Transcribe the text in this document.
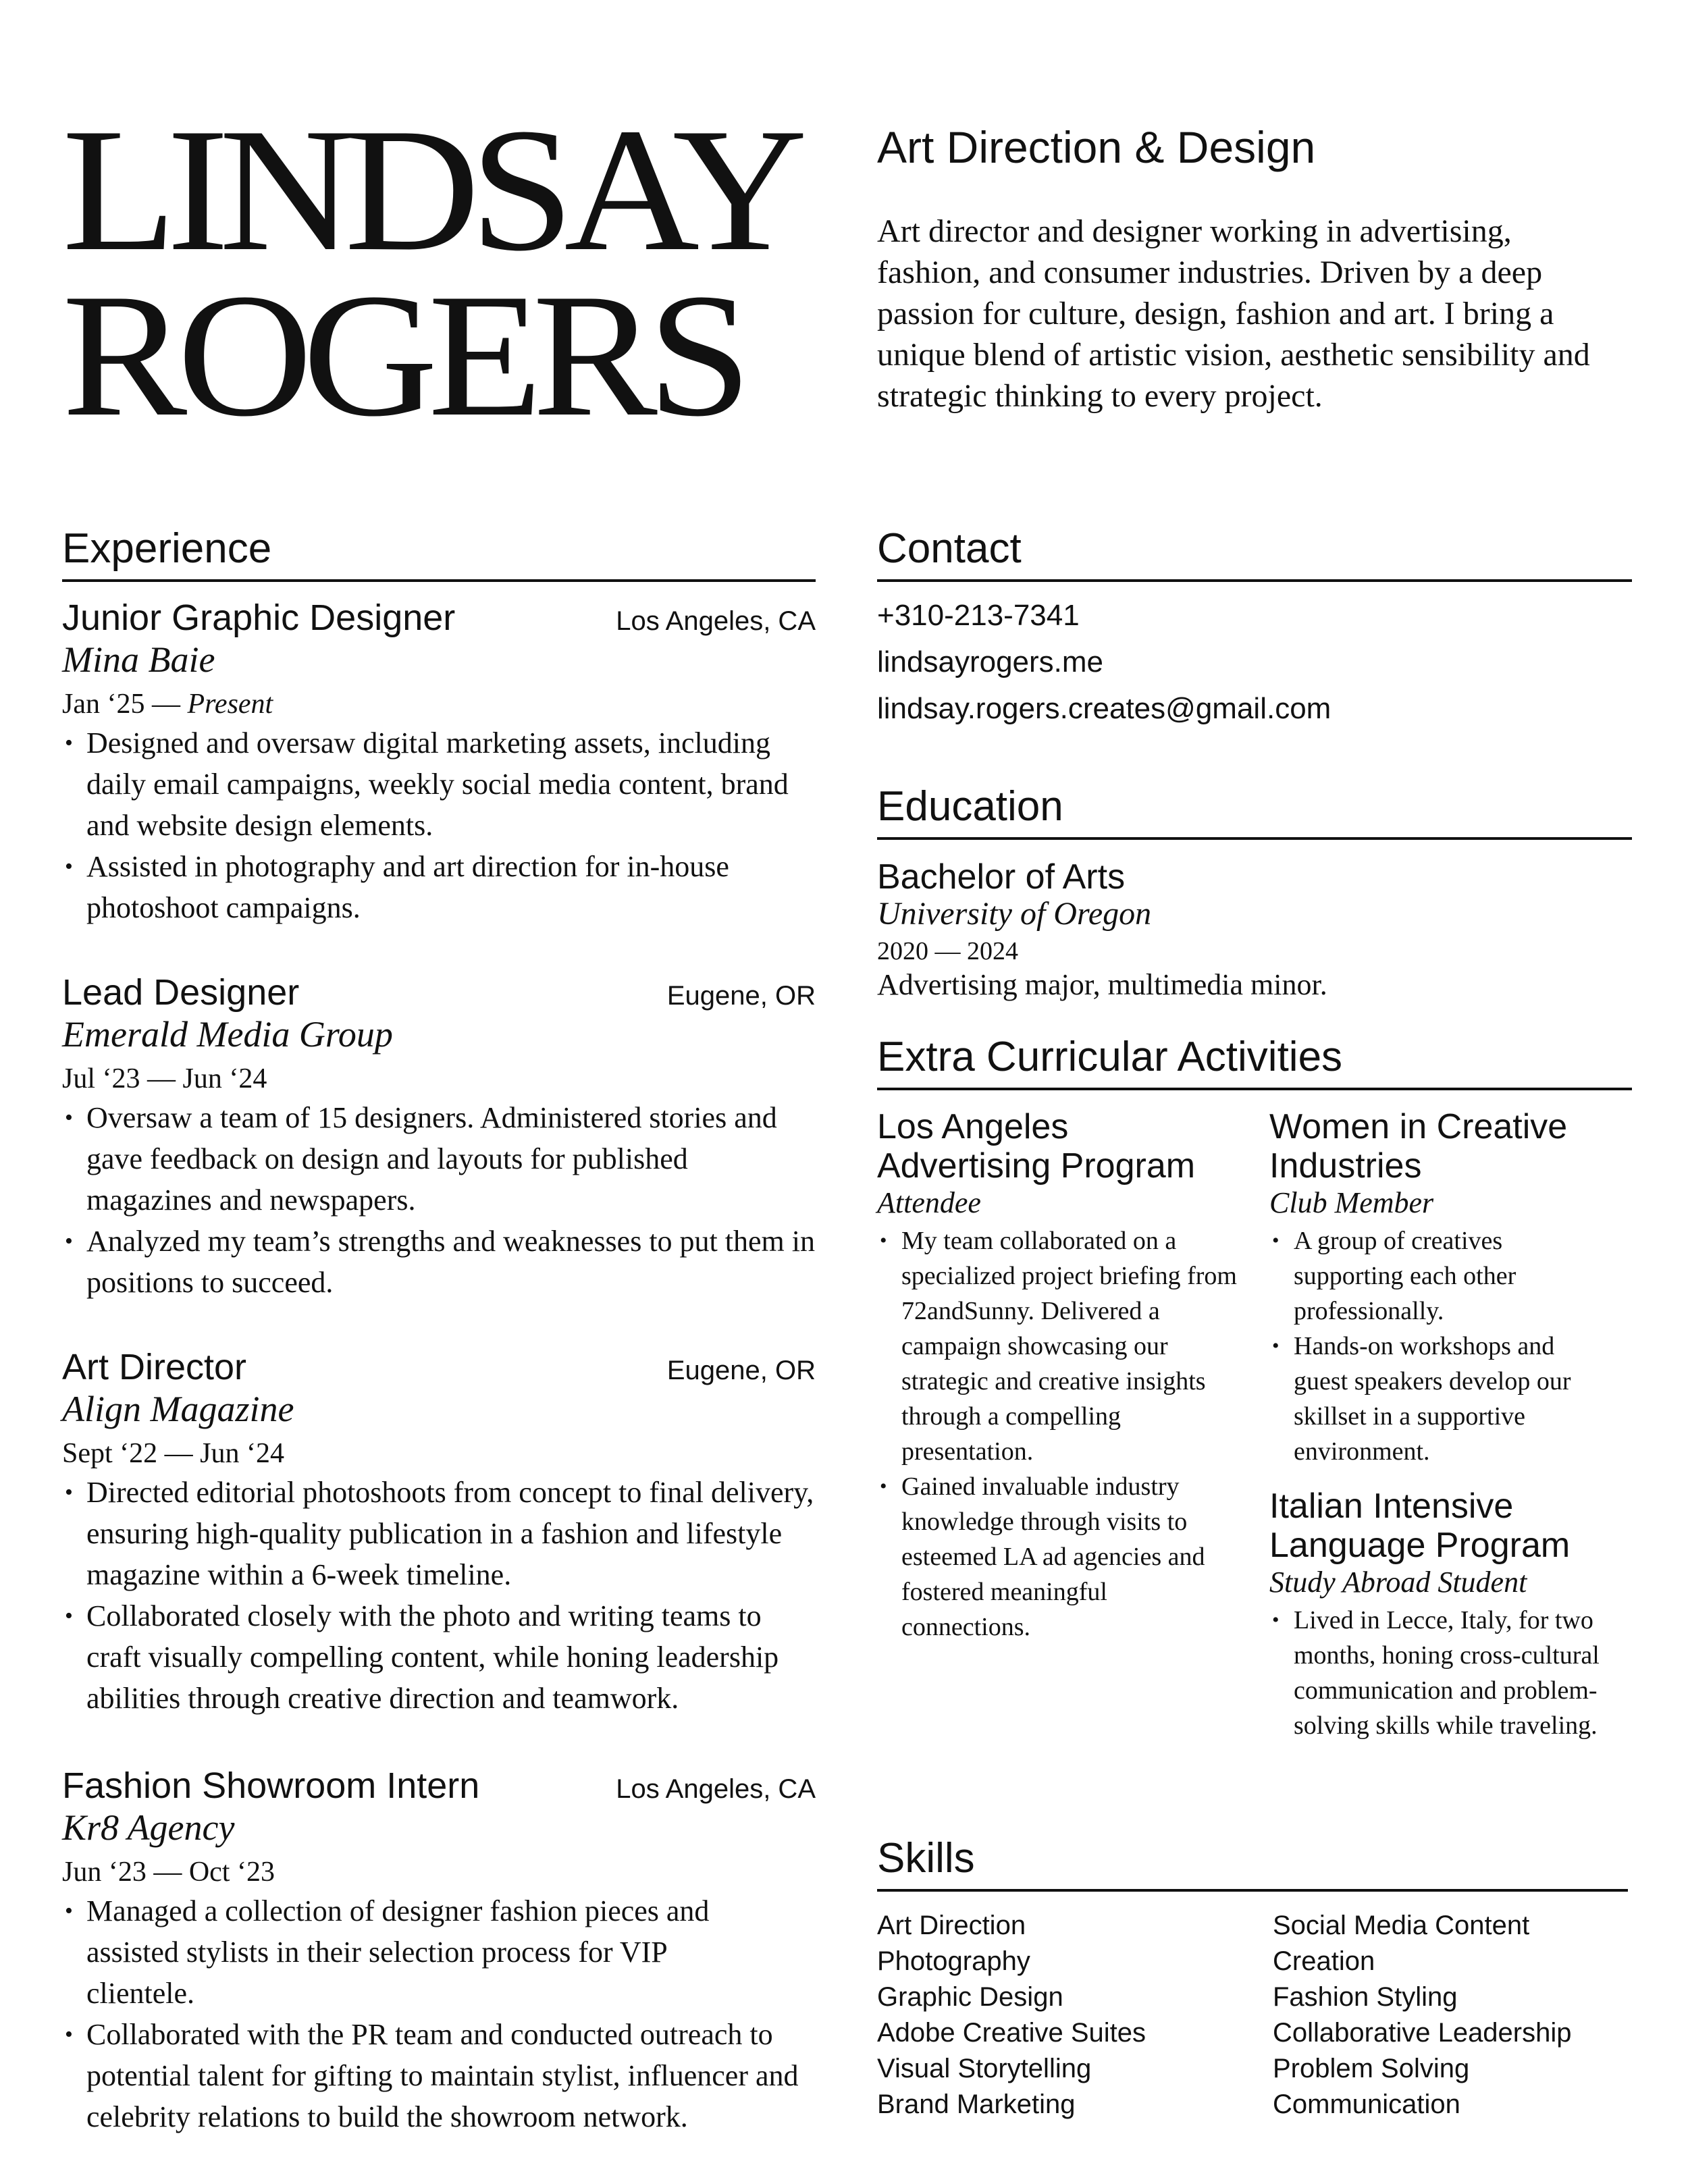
LINDSAY
ROGERS
Art Direction & Design
Art director and designer working in advertising, fashion, and consumer industries. Driven by a deep passion for culture, design, fashion and art. I bring a unique blend of artistic vision, aesthetic sensibility and strategic thinking to every project.
Experience
Junior Graphic Designer	Los Angeles, CA
Mina Baie
Jan ‘25 — Present
• Designed and oversaw digital marketing assets, including daily email campaigns, weekly social media content, brand and website design elements.
• Assisted in photography and art direction for in-house photoshoot campaigns.
Lead Designer	Eugene, OR
Emerald Media Group
Jul ‘23 — Jun ‘24
• Oversaw a team of 15 designers. Administered stories and gave feedback on design and layouts for published magazines and newspapers.
• Analyzed my team’s strengths and weaknesses to put them in positions to succeed.
Art Director	Eugene, OR
Align Magazine
Sept ‘22 — Jun ‘24
• Directed editorial photoshoots from concept to final delivery, ensuring high-quality publication in a fashion and lifestyle magazine within a 6-week timeline.
• Collaborated closely with the photo and writing teams to craft visually compelling content, while honing leadership abilities through creative direction and teamwork.
Fashion Showroom Intern	Los Angeles, CA
Kr8 Agency
Jun ‘23 — Oct ‘23
• Managed a collection of designer fashion pieces and assisted stylists in their selection process for VIP clientele.
• Collaborated with the PR team and conducted outreach to potential talent for gifting to maintain stylist, influencer and celebrity relations to build the showroom network.
Contact
+310-213-7341
lindsayrogers.me
lindsay.rogers.creates@gmail.com
Education
Bachelor of Arts
University of Oregon
2020 — 2024
Advertising major, multimedia minor.
Extra Curricular Activities
Los Angeles Advertising Program
Attendee
• My team collaborated on a specialized project briefing from 72andSunny. Delivered a campaign showcasing our strategic and creative insights through a compelling presentation.
• Gained invaluable industry knowledge through visits to esteemed LA ad agencies and fostered meaningful connections.
Women in Creative Industries
Club Member
• A group of creatives supporting each other professionally.
• Hands-on workshops and guest speakers develop our skillset in a supportive environment.
Italian Intensive Language Program
Study Abroad Student
• Lived in Lecce, Italy, for two months, honing cross-cultural communication and problem-solving skills while traveling.
Skills
Art Direction
Photography
Graphic Design
Adobe Creative Suites
Visual Storytelling
Brand Marketing
Social Media Content
Creation
Fashion Styling
Collaborative Leadership
Problem Solving
Communication
